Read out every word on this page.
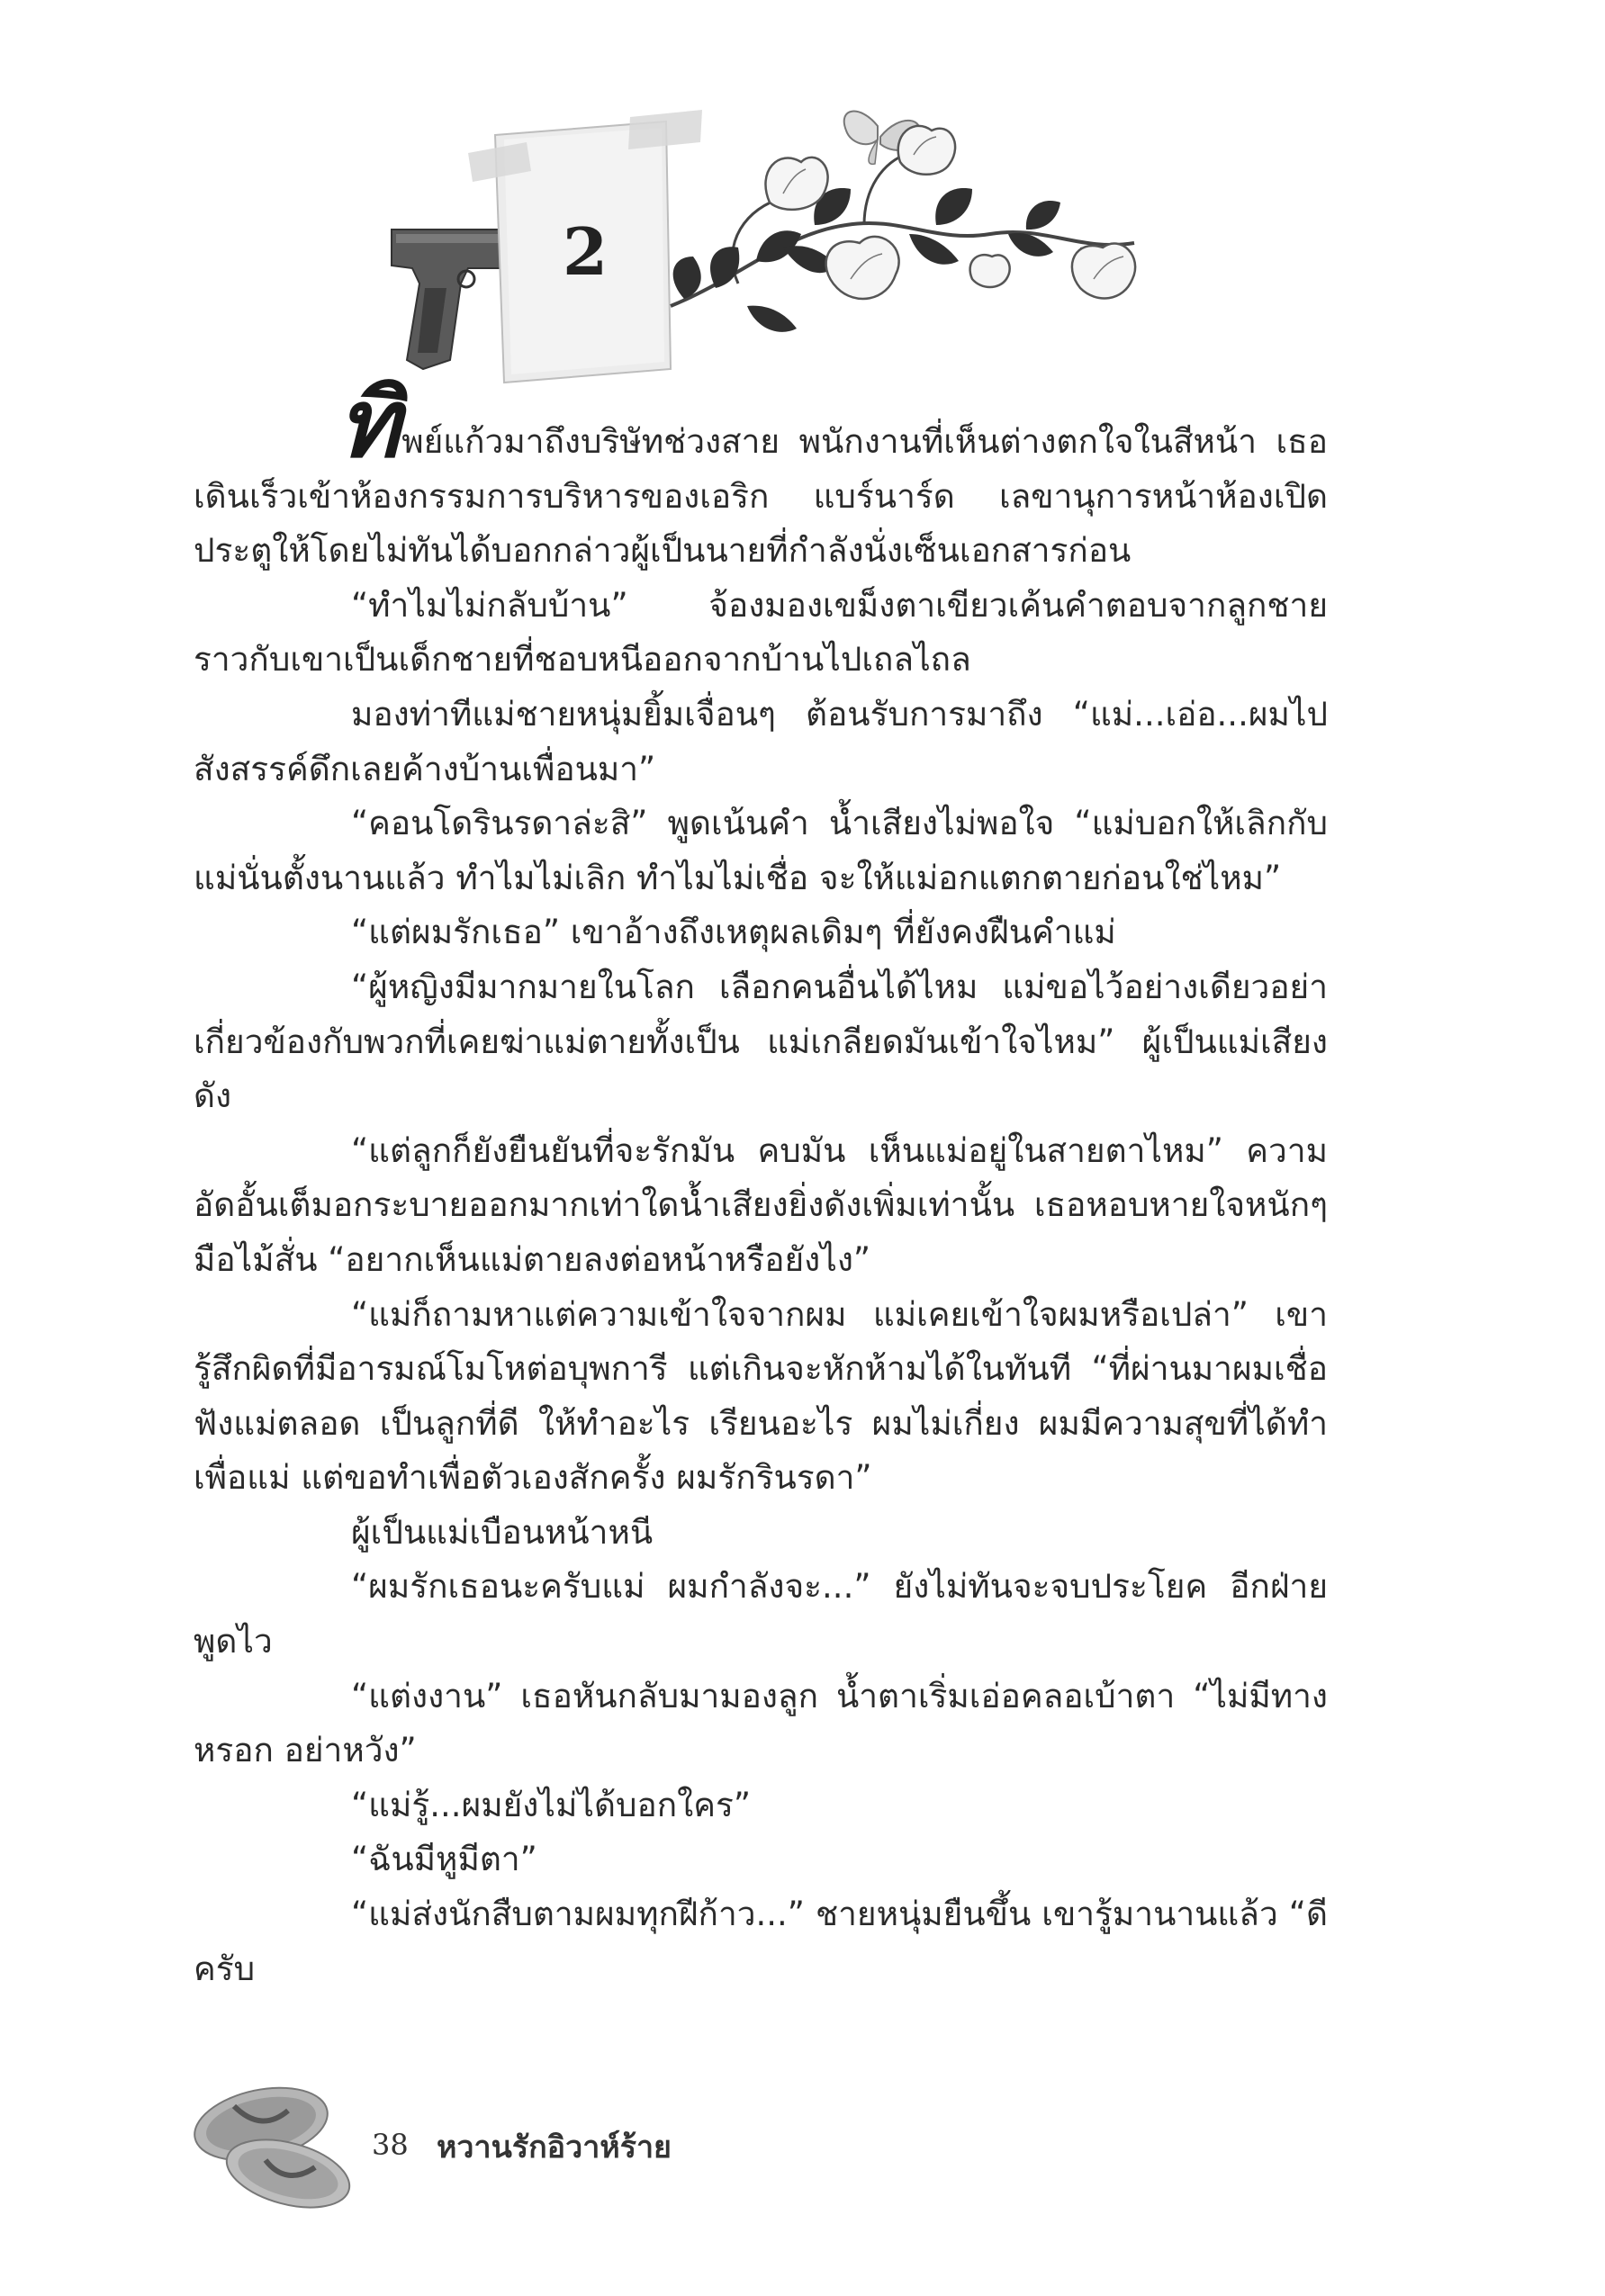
2

ทิพย์แก้วมาถึงบริษัทช่วงสาย พนักงานที่เห็นต่างตกใจในสีหน้า เธอเดินเร็วเข้าห้องกรรมการบริหารของเอริก แบร์นาร์ด เลขานุการหน้าห้องเปิดประตูให้โดยไม่ทันได้บอกกล่าวผู้เป็นนายที่กำลังนั่งเซ็นเอกสารก่อน

“ทำไมไม่กลับบ้าน” จ้องมองเขม็งตาเขียวเค้นคำตอบจากลูกชาย ราวกับเขาเป็นเด็กชายที่ชอบหนีออกจากบ้านไปเถลไถล

มองท่าทีแม่ชายหนุ่มยิ้มเจื่อนๆ ต้อนรับการมาถึง “แม่...เอ่อ...ผมไปสังสรรค์ดึกเลยค้างบ้านเพื่อนมา”

“คอนโดรินรดาล่ะสิ” พูดเน้นคำ น้ำเสียงไม่พอใจ “แม่บอกให้เลิกกับแม่นั่นตั้งนานแล้ว ทำไมไม่เลิก ทำไมไม่เชื่อ จะให้แม่อกแตกตายก่อนใช่ไหม”

“แต่ผมรักเธอ” เขาอ้างถึงเหตุผลเดิมๆ ที่ยังคงฝืนคำแม่

“ผู้หญิงมีมากมายในโลก เลือกคนอื่นได้ไหม แม่ขอไว้อย่างเดียวอย่าเกี่ยวข้องกับพวกที่เคยฆ่าแม่ตายทั้งเป็น แม่เกลียดมันเข้าใจไหม” ผู้เป็นแม่เสียงดัง

“แต่ลูกก็ยังยืนยันที่จะรักมัน คบมัน เห็นแม่อยู่ในสายตาไหม” ความอัดอั้นเต็มอกระบายออกมากเท่าใดน้ำเสียงยิ่งดังเพิ่มเท่านั้น เธอหอบหายใจหนักๆ มือไม้สั่น “อยากเห็นแม่ตายลงต่อหน้าหรือยังไง”

“แม่ก็ถามหาแต่ความเข้าใจจากผม แม่เคยเข้าใจผมหรือเปล่า” เขารู้สึกผิดที่มีอารมณ์โมโหต่อบุพการี แต่เกินจะหักห้ามได้ในทันที “ที่ผ่านมาผมเชื่อฟังแม่ตลอด เป็นลูกที่ดี ให้ทำอะไร เรียนอะไร ผมไม่เกี่ยง ผมมีความสุขที่ได้ทำเพื่อแม่ แต่ขอทำเพื่อตัวเองสักครั้ง ผมรักรินรดา”

ผู้เป็นแม่เบือนหน้าหนี

“ผมรักเธอนะครับแม่ ผมกำลังจะ...” ยังไม่ทันจะจบประโยค อีกฝ่ายพูดไว

“แต่งงาน” เธอหันกลับมามองลูก น้ำตาเริ่มเอ่อคลอเบ้าตา “ไม่มีทางหรอก อย่าหวัง”

“แม่รู้...ผมยังไม่ได้บอกใคร”

“ฉันมีหูมีตา”

“แม่ส่งนักสืบตามผมทุกฝีก้าว...” ชายหนุ่มยืนขึ้น เขารู้มานานแล้ว “ดีครับ

38 หวานรักอิวาห์ร้าย
